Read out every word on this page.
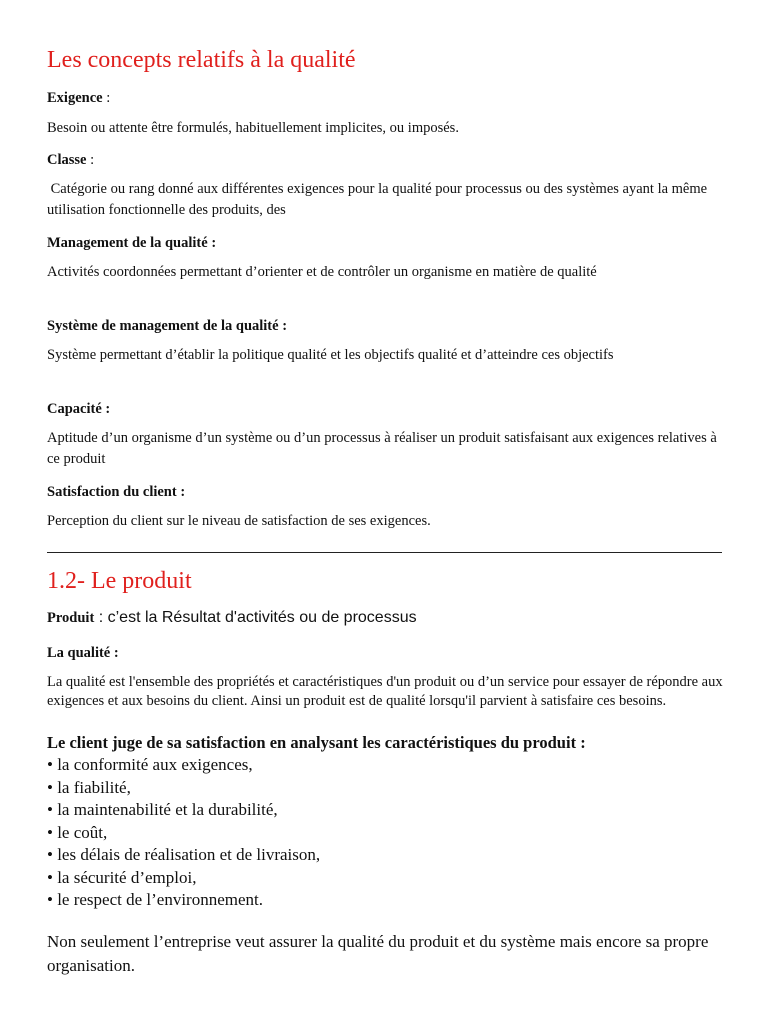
Les concepts relatifs à la qualité
Exigence :
Besoin ou attente être formulés, habituellement implicites, ou imposés.
Classe :
Catégorie ou rang donné aux différentes exigences pour la qualité pour processus ou des systèmes ayant la même utilisation fonctionnelle des produits, des
Management de la qualité :
Activités coordonnées permettant d’orienter et de contrôler un organisme en matière de qualité
Système de management de la qualité :
Système permettant d’établir la politique qualité et les objectifs qualité et d’atteindre ces objectifs
Capacité :
Aptitude d’un organisme d’un système ou d’un processus à réaliser un produit satisfaisant aux exigences relatives à ce produit
Satisfaction du client :
Perception du client sur le niveau de satisfaction de ses exigences.
1.2- Le produit
Produit : c’est la Résultat d'activités ou de processus
La qualité :
La qualité est l'ensemble des propriétés et caractéristiques d'un produit ou d’un service pour essayer de répondre aux exigences et aux besoins du client. Ainsi un produit est de qualité lorsqu'il parvient à satisfaire ces besoins.
Le client juge de sa satisfaction en analysant les caractéristiques du produit :
• la conformité aux exigences,
• la fiabilité,
• la maintenabilité et la durabilité,
• le coût,
• les délais de réalisation et de livraison,
• la sécurité d’emploi,
• le respect de l’environnement.
Non seulement l’entreprise veut assurer la qualité du produit et du système mais encore sa propre organisation.
